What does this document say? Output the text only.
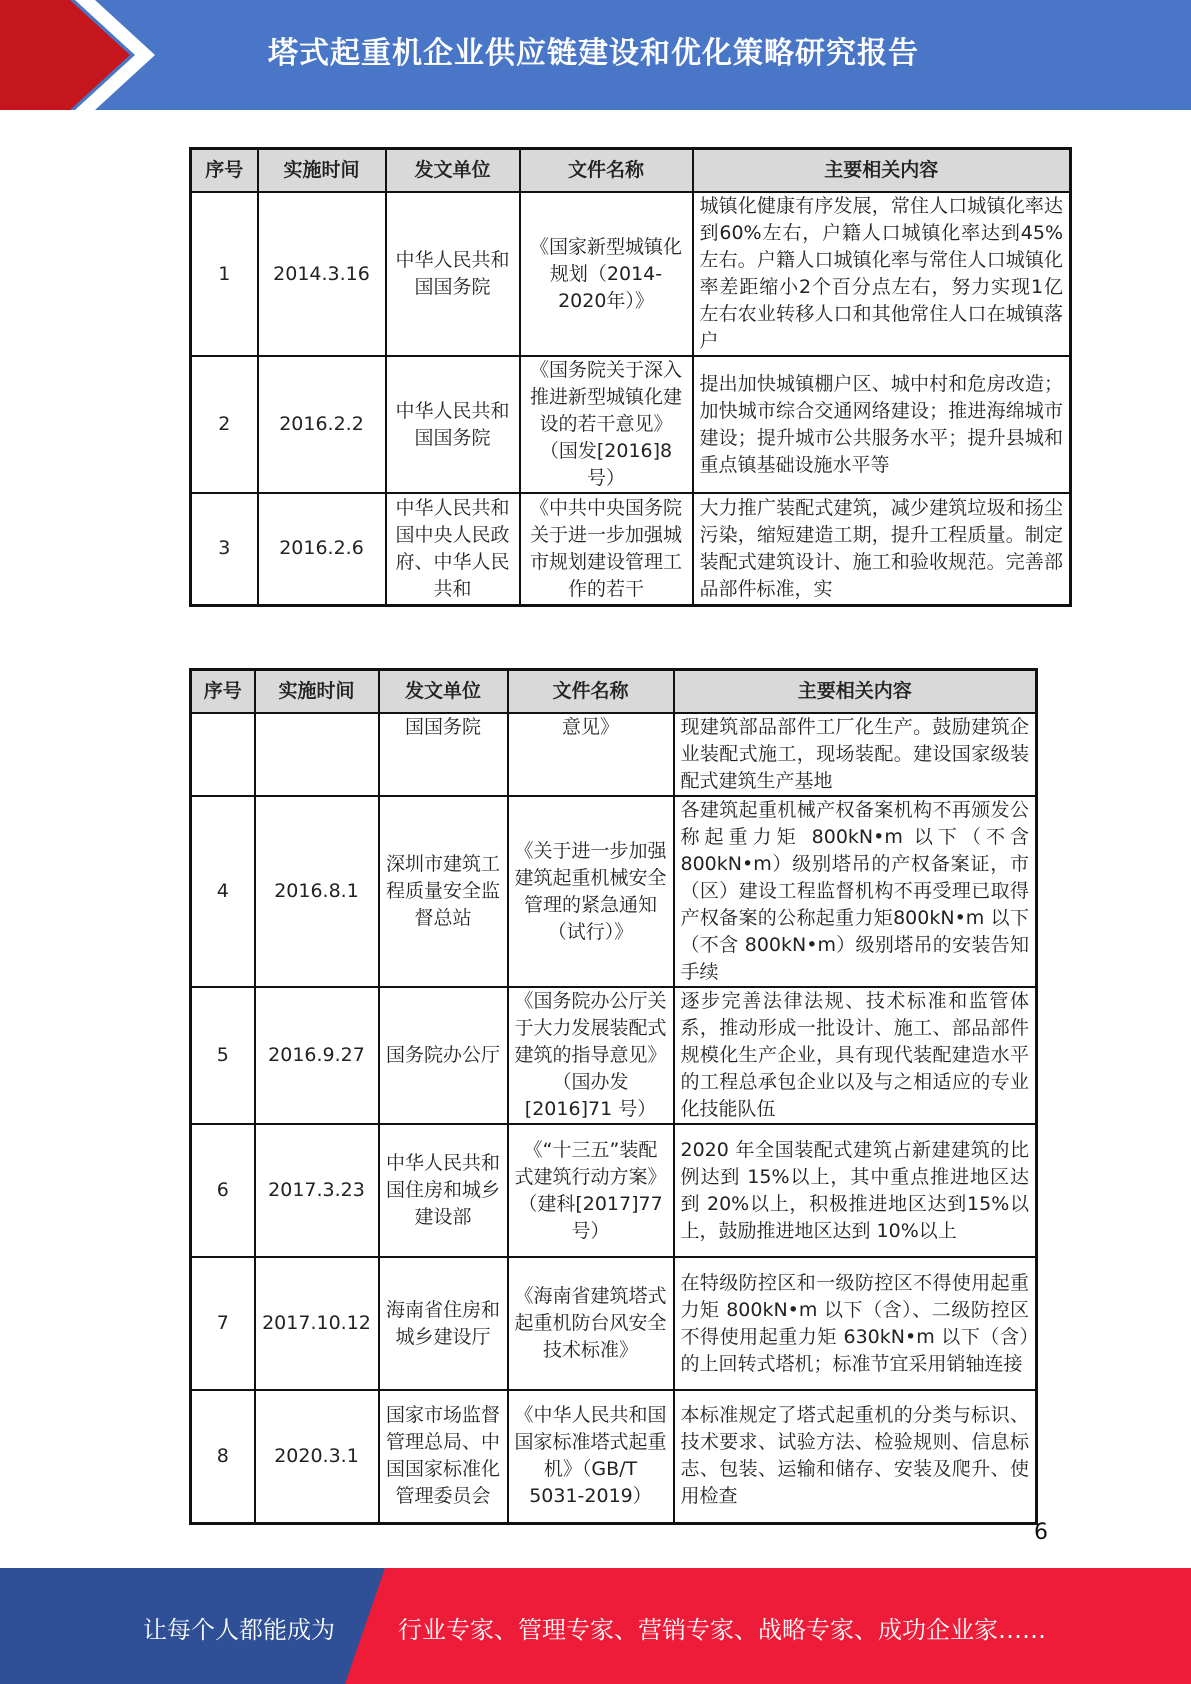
塔式起重机企业供应链建设和优化策略研究报告
序号	实施时间	发文单位	文件名称	主要相关内容
1	2014.3.16	中华人民共和国国务院	《国家新型城镇化规划（2014-2020年）》	城镇化健康有序发展，常住人口城镇化率达到60%左右，户籍人口城镇化率达到45%左右。户籍人口城镇化率与常住人口城镇化率差距缩小2个百分点左右，努力实现1亿左右农业转移人口和其他常住人口在城镇落户
2	2016.2.2	中华人民共和国国务院	《国务院关于深入推进新型城镇化建设的若干意见》（国发[2016]8 号）	提出加快城镇棚户区、城中村和危房改造；加快城市综合交通网络建设；推进海绵城市建设；提升城市公共服务水平；提升县城和重点镇基础设施水平等
3	2016.2.6	中华人民共和国中央人民政府、中华人民共和	《中共中央国务院关于进一步加强城市规划建设管理工作的若干	大力推广装配式建筑，减少建筑垃圾和扬尘污染，缩短建造工期，提升工程质量。制定装配式建筑设计、施工和验收规范。完善部品部件标准，实
序号	实施时间	发文单位	文件名称	主要相关内容
		国国务院	意见》	现建筑部品部件工厂化生产。鼓励建筑企业装配式施工，现场装配。建设国家级装配式建筑生产基地
4	2016.8.1	深圳市建筑工程质量安全监督总站	《关于进一步加强建筑起重机械安全管理的紧急通知（试行）》	各建筑起重机械产权备案机构不再颁发公称起重力矩 800kN•m 以下（不含800kN•m）级别塔吊的产权备案证，市（区）建设工程监督机构不再受理已取得产权备案的公称起重力矩800kN•m 以下（不含 800kN•m）级别塔吊的安装告知手续
5	2016.9.27	国务院办公厅	《国务院办公厅关于大力发展装配式建筑的指导意见》（国办发[2016]71 号）	逐步完善法律法规、技术标准和监管体系，推动形成一批设计、施工、部品部件规模化生产企业，具有现代装配建造水平的工程总承包企业以及与之相适应的专业化技能队伍
6	2017.3.23	中华人民共和国住房和城乡建设部	《“十三五”装配式建筑行动方案》（建科[2017]77 号）	2020 年全国装配式建筑占新建建筑的比例达到 15%以上，其中重点推进地区达到 20%以上，积极推进地区达到15%以上，鼓励推进地区达到 10%以上
7	2017.10.12	海南省住房和城乡建设厅	《海南省建筑塔式起重机防台风安全技术标准》	在特级防控区和一级防控区不得使用起重力矩 800kN•m 以下（含）、二级防控区不得使用起重力矩 630kN•m 以下（含）的上回转式塔机；标准节宜采用销轴连接
8	2020.3.1	国家市场监督管理总局、中国国家标准化管理委员会	《中华人民共和国国家标准塔式起重机》（GB/T 5031-2019）	本标准规定了塔式起重机的分类与标识、技术要求、试验方法、检验规则、信息标志、包装、运输和储存、安装及爬升、使用检查
6
让每个人都能成为	行业专家、管理专家、营销专家、战略专家、成功企业家……
